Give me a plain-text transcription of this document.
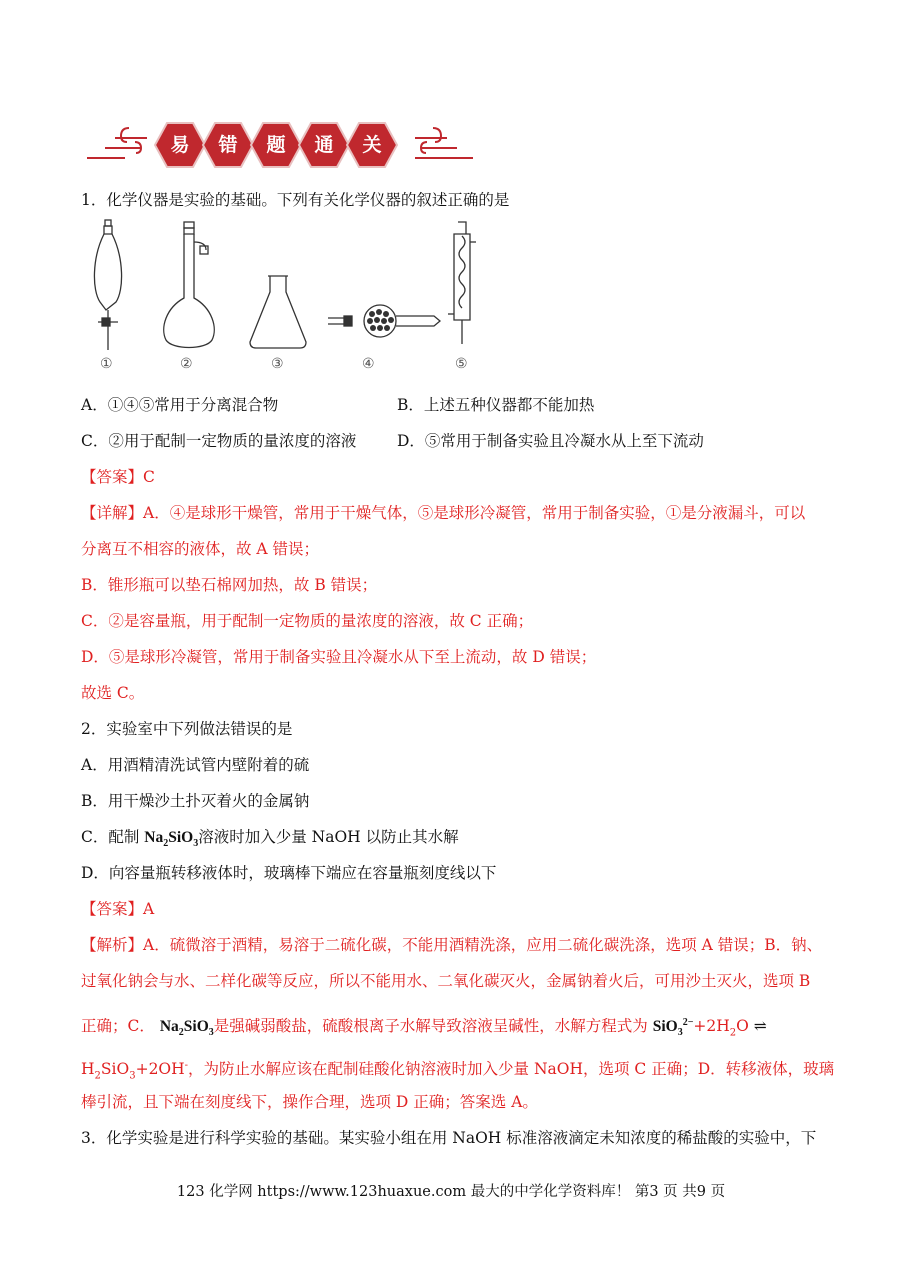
易	错	题	通	关
1．化学仪器是实验的基础。下列有关化学仪器的叙述正确的是
①	②	③	④	⑤
A．①④⑤常用于分离混合物	B．上述五种仪器都不能加热
C．②用于配制一定物质的量浓度的溶液	D．⑤常用于制备实验且冷凝水从上至下流动
【答案】C
【详解】A．④是球形干燥管，常用于干燥气体，⑤是球形冷凝管，常用于制备实验，①是分液漏斗，可以
分离互不相容的液体，故 A 错误；
B．锥形瓶可以垫石棉网加热，故 B 错误；
C．②是容量瓶，用于配制一定物质的量浓度的溶液，故 C 正确；
D．⑤是球形冷凝管，常用于制备实验且冷凝水从下至上流动，故 D 错误；
故选 C。
2．实验室中下列做法错误的是
A．用酒精清洗试管内壁附着的硫
B．用干燥沙土扑灭着火的金属钠
C．配制 $Na_2SiO_3$溶液时加入少量 NaOH 以防止其水解
D．向容量瓶转移液体时，玻璃棒下端应在容量瓶刻度线以下
【答案】A
【解析】A．硫微溶于酒精，易溶于二硫化碳，不能用酒精洗涤，应用二硫化碳洗涤，选项 A 错误；B．钠、
过氧化钠会与水、二样化碳等反应，所以不能用水、二氧化碳灭火，金属钠着火后，可用沙土灭火，选项 B
正确；C． $Na_2SiO_3$是强碱弱酸盐，硫酸根离子水解导致溶液呈碱性，水解方程式为 $SiO_3^{2-}+2H_2O$ ⇌
$H_2SiO_3+2OH^-$，为防止水解应该在配制硅酸化钠溶液时加入少量 NaOH，选项 C 正确；D．转移液体，玻璃
棒引流，且下端在刻度线下，操作合理，选项 D 正确；答案选 A。
3．化学实验是进行科学实验的基础。某实验小组在用 NaOH 标准溶液滴定未知浓度的稀盐酸的实验中，下
123 化学网 https://www.123huaxue.com 最大的中学化学资料库！ 第3 页 共9 页
